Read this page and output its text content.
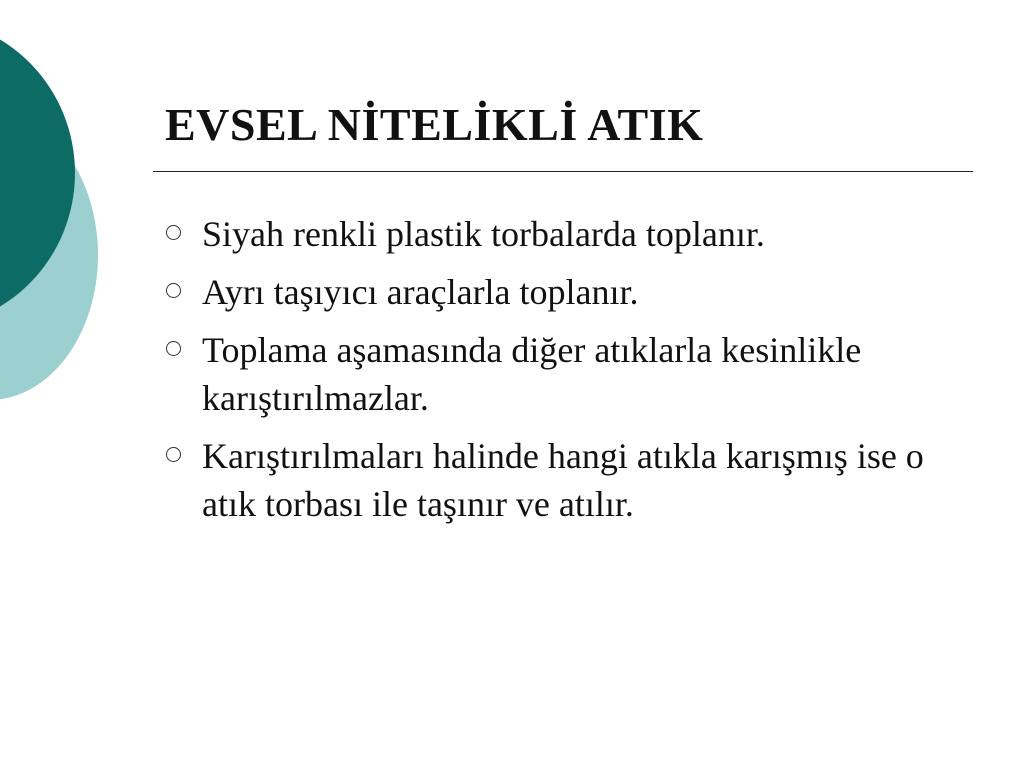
EVSEL NİTELİKLİ ATIK
Siyah renkli plastik torbalarda toplanır.
Ayrı taşıyıcı araçlarla toplanır.
Toplama aşamasında diğer atıklarla kesinlikle karıştırılmazlar.
Karıştırılmaları halinde hangi atıkla karışmış ise o atık torbası ile taşınır ve atılır.
